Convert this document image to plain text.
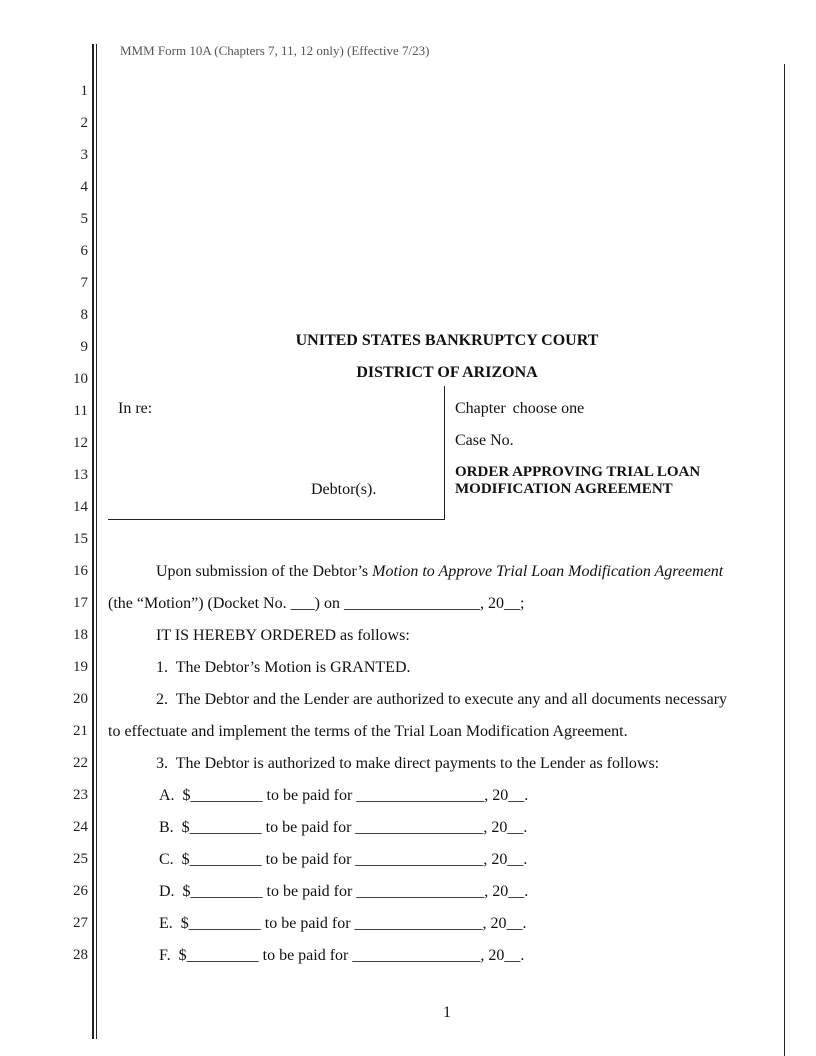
MMM Form 10A (Chapters 7, 11, 12 only) (Effective 7/23)
1
2
3
4
5
6
7
8
9
10
11
12
13
14
15
16
17
18
19
20
21
22
23
24
25
26
27
28
UNITED STATES BANKRUPTCY COURT
DISTRICT OF ARIZONA
In re:
Debtor(s).
Chapter choose one
Case No.
ORDER APPROVING TRIAL LOAN
MODIFICATION AGREEMENT
Upon submission of the Debtor’s Motion to Approve Trial Loan Modification Agreement
(the “Motion”) (Docket No. ___) on _________________, 20__;
IT IS HEREBY ORDERED as follows:
1.  The Debtor’s Motion is GRANTED.
2.  The Debtor and the Lender are authorized to execute any and all documents necessary
to effectuate and implement the terms of the Trial Loan Modification Agreement.
3.  The Debtor is authorized to make direct payments to the Lender as follows:
A.  $_________ to be paid for ________________, 20__.
B.  $_________ to be paid for ________________, 20__.
C.  $_________ to be paid for ________________, 20__.
D.  $_________ to be paid for ________________, 20__.
E.  $_________ to be paid for ________________, 20__.
F.  $_________ to be paid for ________________, 20__.
1
